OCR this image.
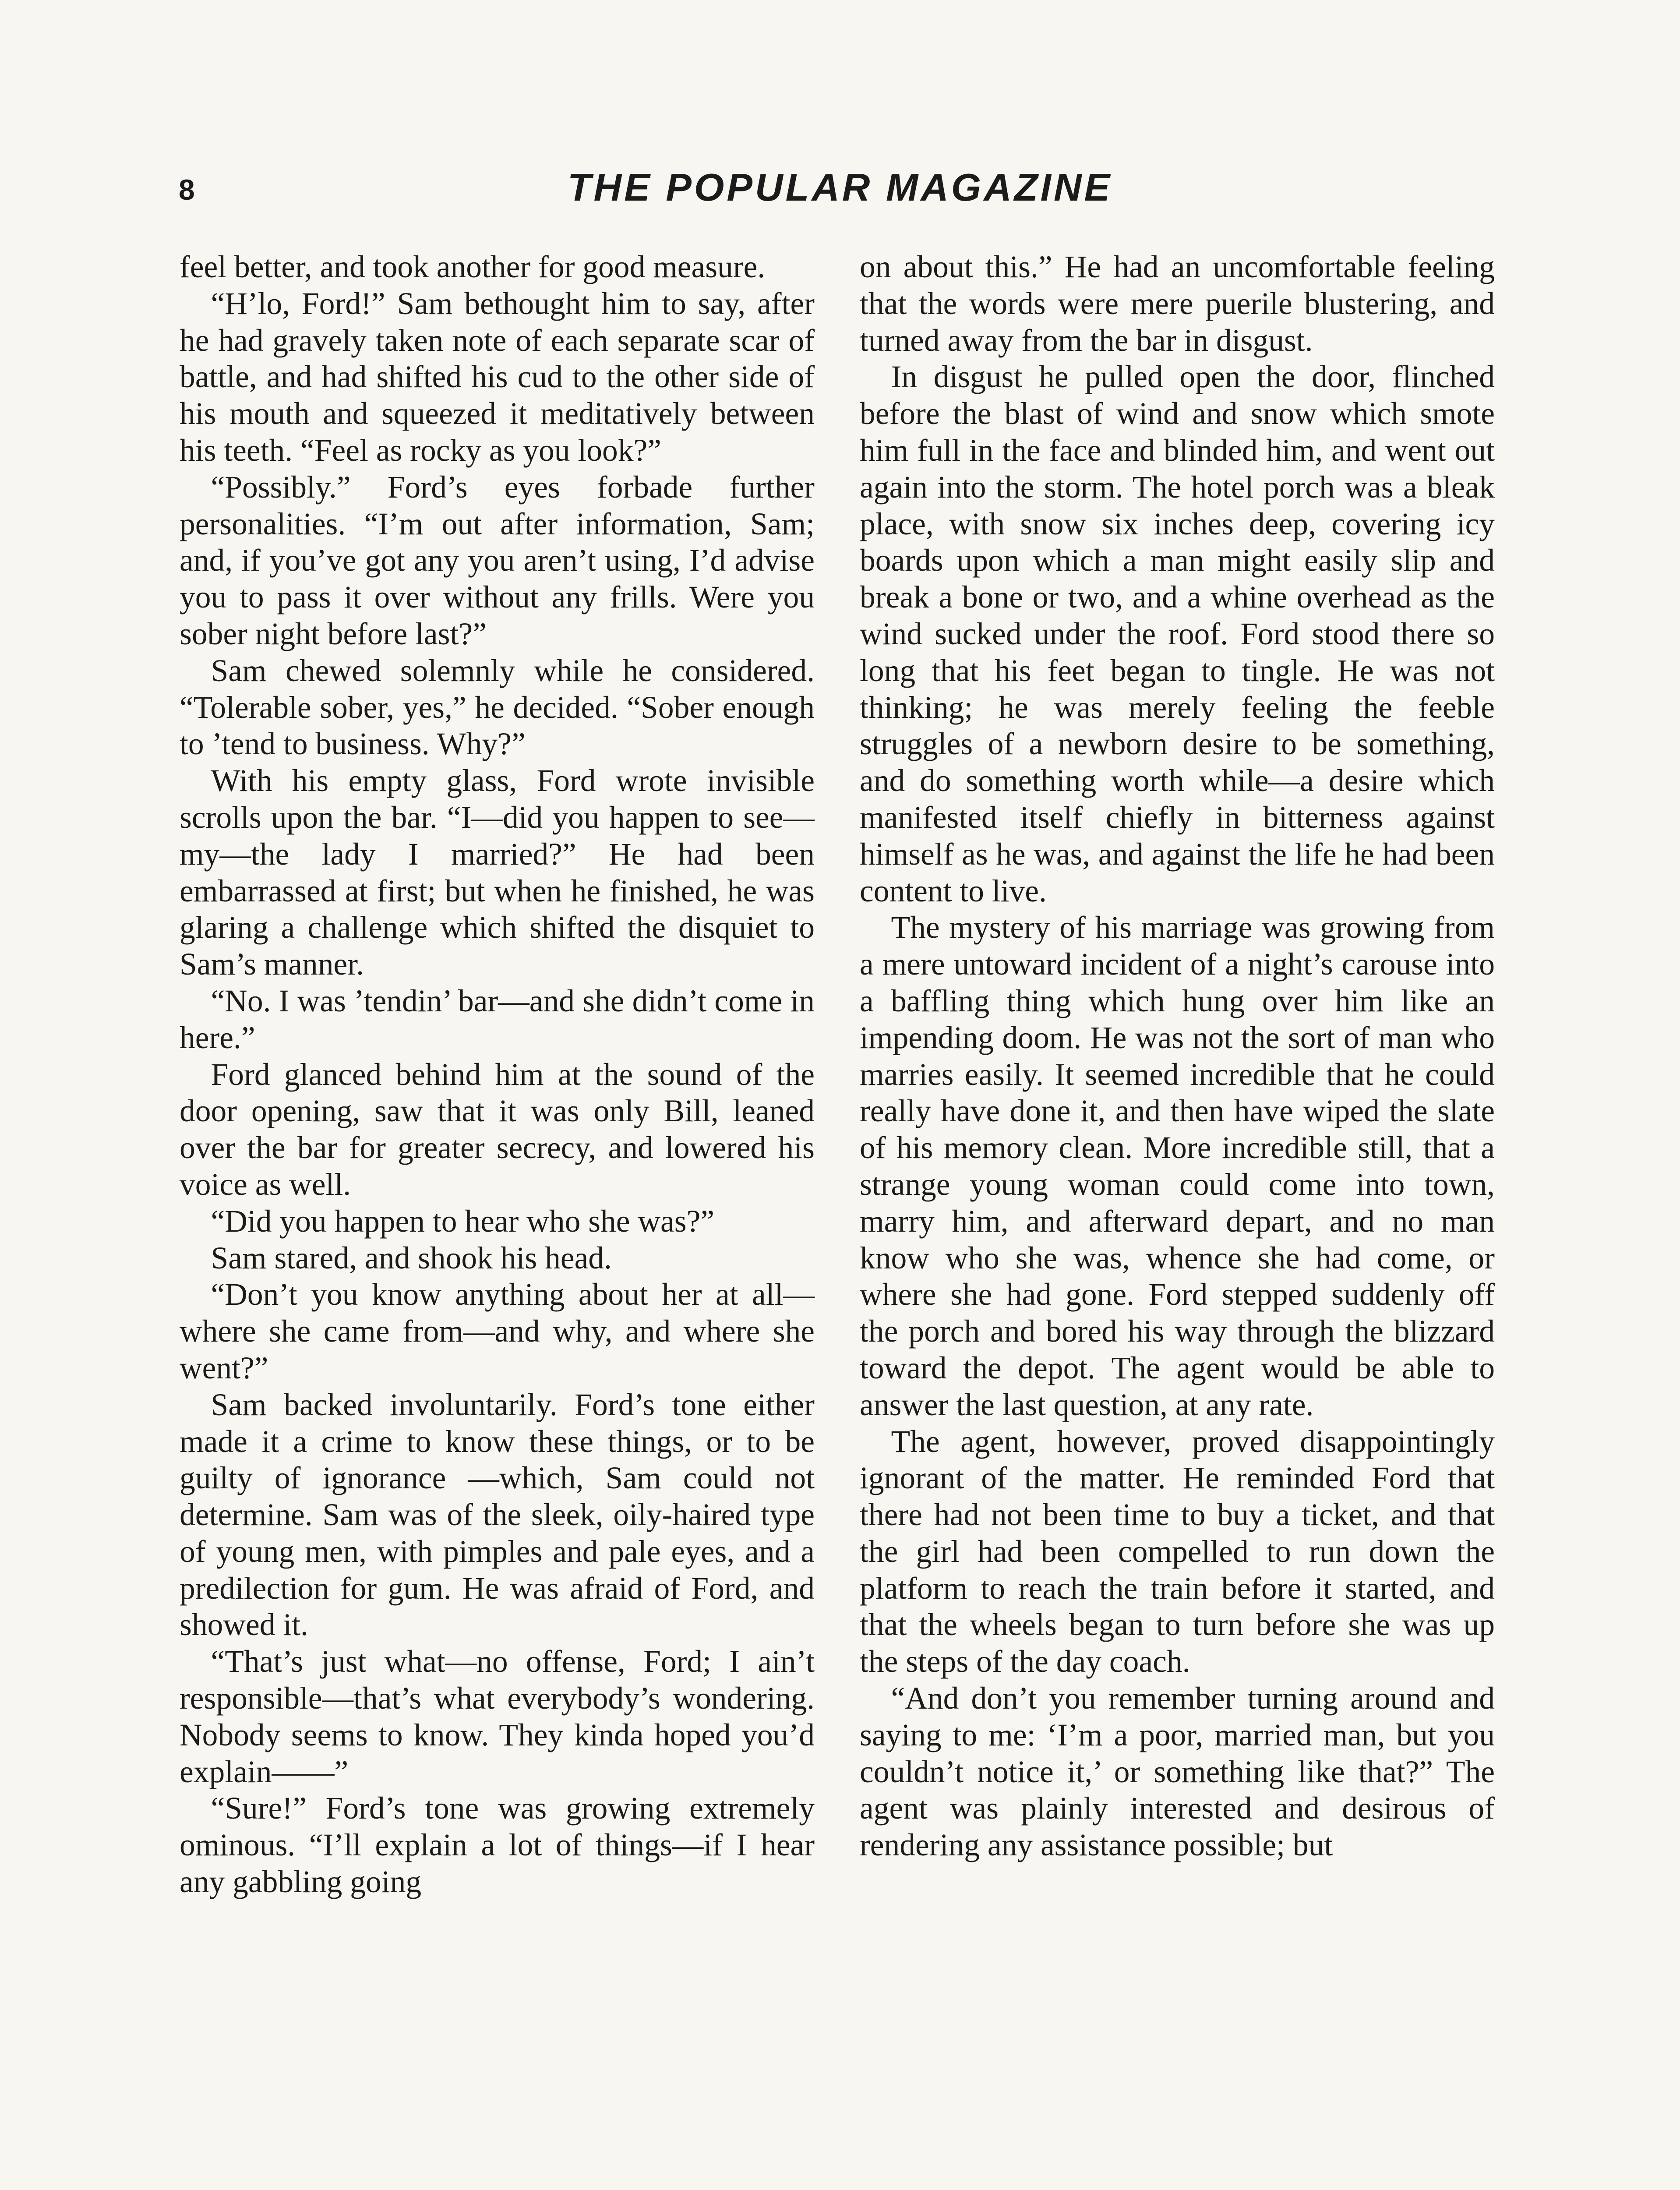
8	THE POPULAR MAGAZINE

feel better, and took another for good measure.

“H’lo, Ford!” Sam bethought him to say, after he had gravely taken note of each separate scar of battle, and had shifted his cud to the other side of his mouth and squeezed it meditatively between his teeth. “Feel as rocky as you look?”

“Possibly.” Ford’s eyes forbade further personalities. “I’m out after information, Sam; and, if you’ve got any you aren’t using, I’d advise you to pass it over without any frills. Were you sober night before last?”

Sam chewed solemnly while he considered. “Tolerable sober, yes,” he decided. “Sober enough to ’tend to business. Why?”

With his empty glass, Ford wrote invisible scrolls upon the bar. “I—did you happen to see—my—the lady I married?” He had been embarrassed at first; but when he finished, he was glaring a challenge which shifted the disquiet to Sam’s manner.

“No. I was ’tendin’ bar—and she didn’t come in here.”

Ford glanced behind him at the sound of the door opening, saw that it was only Bill, leaned over the bar for greater secrecy, and lowered his voice as well.

“Did you happen to hear who she was?”

Sam stared, and shook his head.

“Don’t you know anything about her at all—where she came from—and why, and where she went?”

Sam backed involuntarily. Ford’s tone either made it a crime to know these things, or to be guilty of ignorance —which, Sam could not determine. Sam was of the sleek, oily-haired type of young men, with pimples and pale eyes, and a predilection for gum. He was afraid of Ford, and showed it.

“That’s just what—no offense, Ford; I ain’t responsible—that’s what everybody’s wondering. Nobody seems to know. They kinda hoped you’d explain——”

“Sure!” Ford’s tone was growing extremely ominous. “I’ll explain a lot of things—if I hear any gabbling going

on about this.” He had an uncomfortable feeling that the words were mere puerile blustering, and turned away from the bar in disgust.

In disgust he pulled open the door, flinched before the blast of wind and snow which smote him full in the face and blinded him, and went out again into the storm. The hotel porch was a bleak place, with snow six inches deep, covering icy boards upon which a man might easily slip and break a bone or two, and a whine overhead as the wind sucked under the roof. Ford stood there so long that his feet began to tingle. He was not thinking; he was merely feeling the feeble struggles of a newborn desire to be something, and do something worth while—a desire which manifested itself chiefly in bitterness against himself as he was, and against the life he had been content to live.

The mystery of his marriage was growing from a mere untoward incident of a night’s carouse into a baffling thing which hung over him like an impending doom. He was not the sort of man who marries easily. It seemed incredible that he could really have done it, and then have wiped the slate of his memory clean. More incredible still, that a strange young woman could come into town, marry him, and afterward depart, and no man know who she was, whence she had come, or where she had gone. Ford stepped suddenly off the porch and bored his way through the blizzard toward the depot. The agent would be able to answer the last question, at any rate.

The agent, however, proved disappointingly ignorant of the matter. He reminded Ford that there had not been time to buy a ticket, and that the girl had been compelled to run down the platform to reach the train before it started, and that the wheels began to turn before she was up the steps of the day coach.

“And don’t you remember turning around and saying to me: ‘I’m a poor, married man, but you couldn’t notice it,’ or something like that?” The agent was plainly interested and desirous of rendering any assistance possible; but
